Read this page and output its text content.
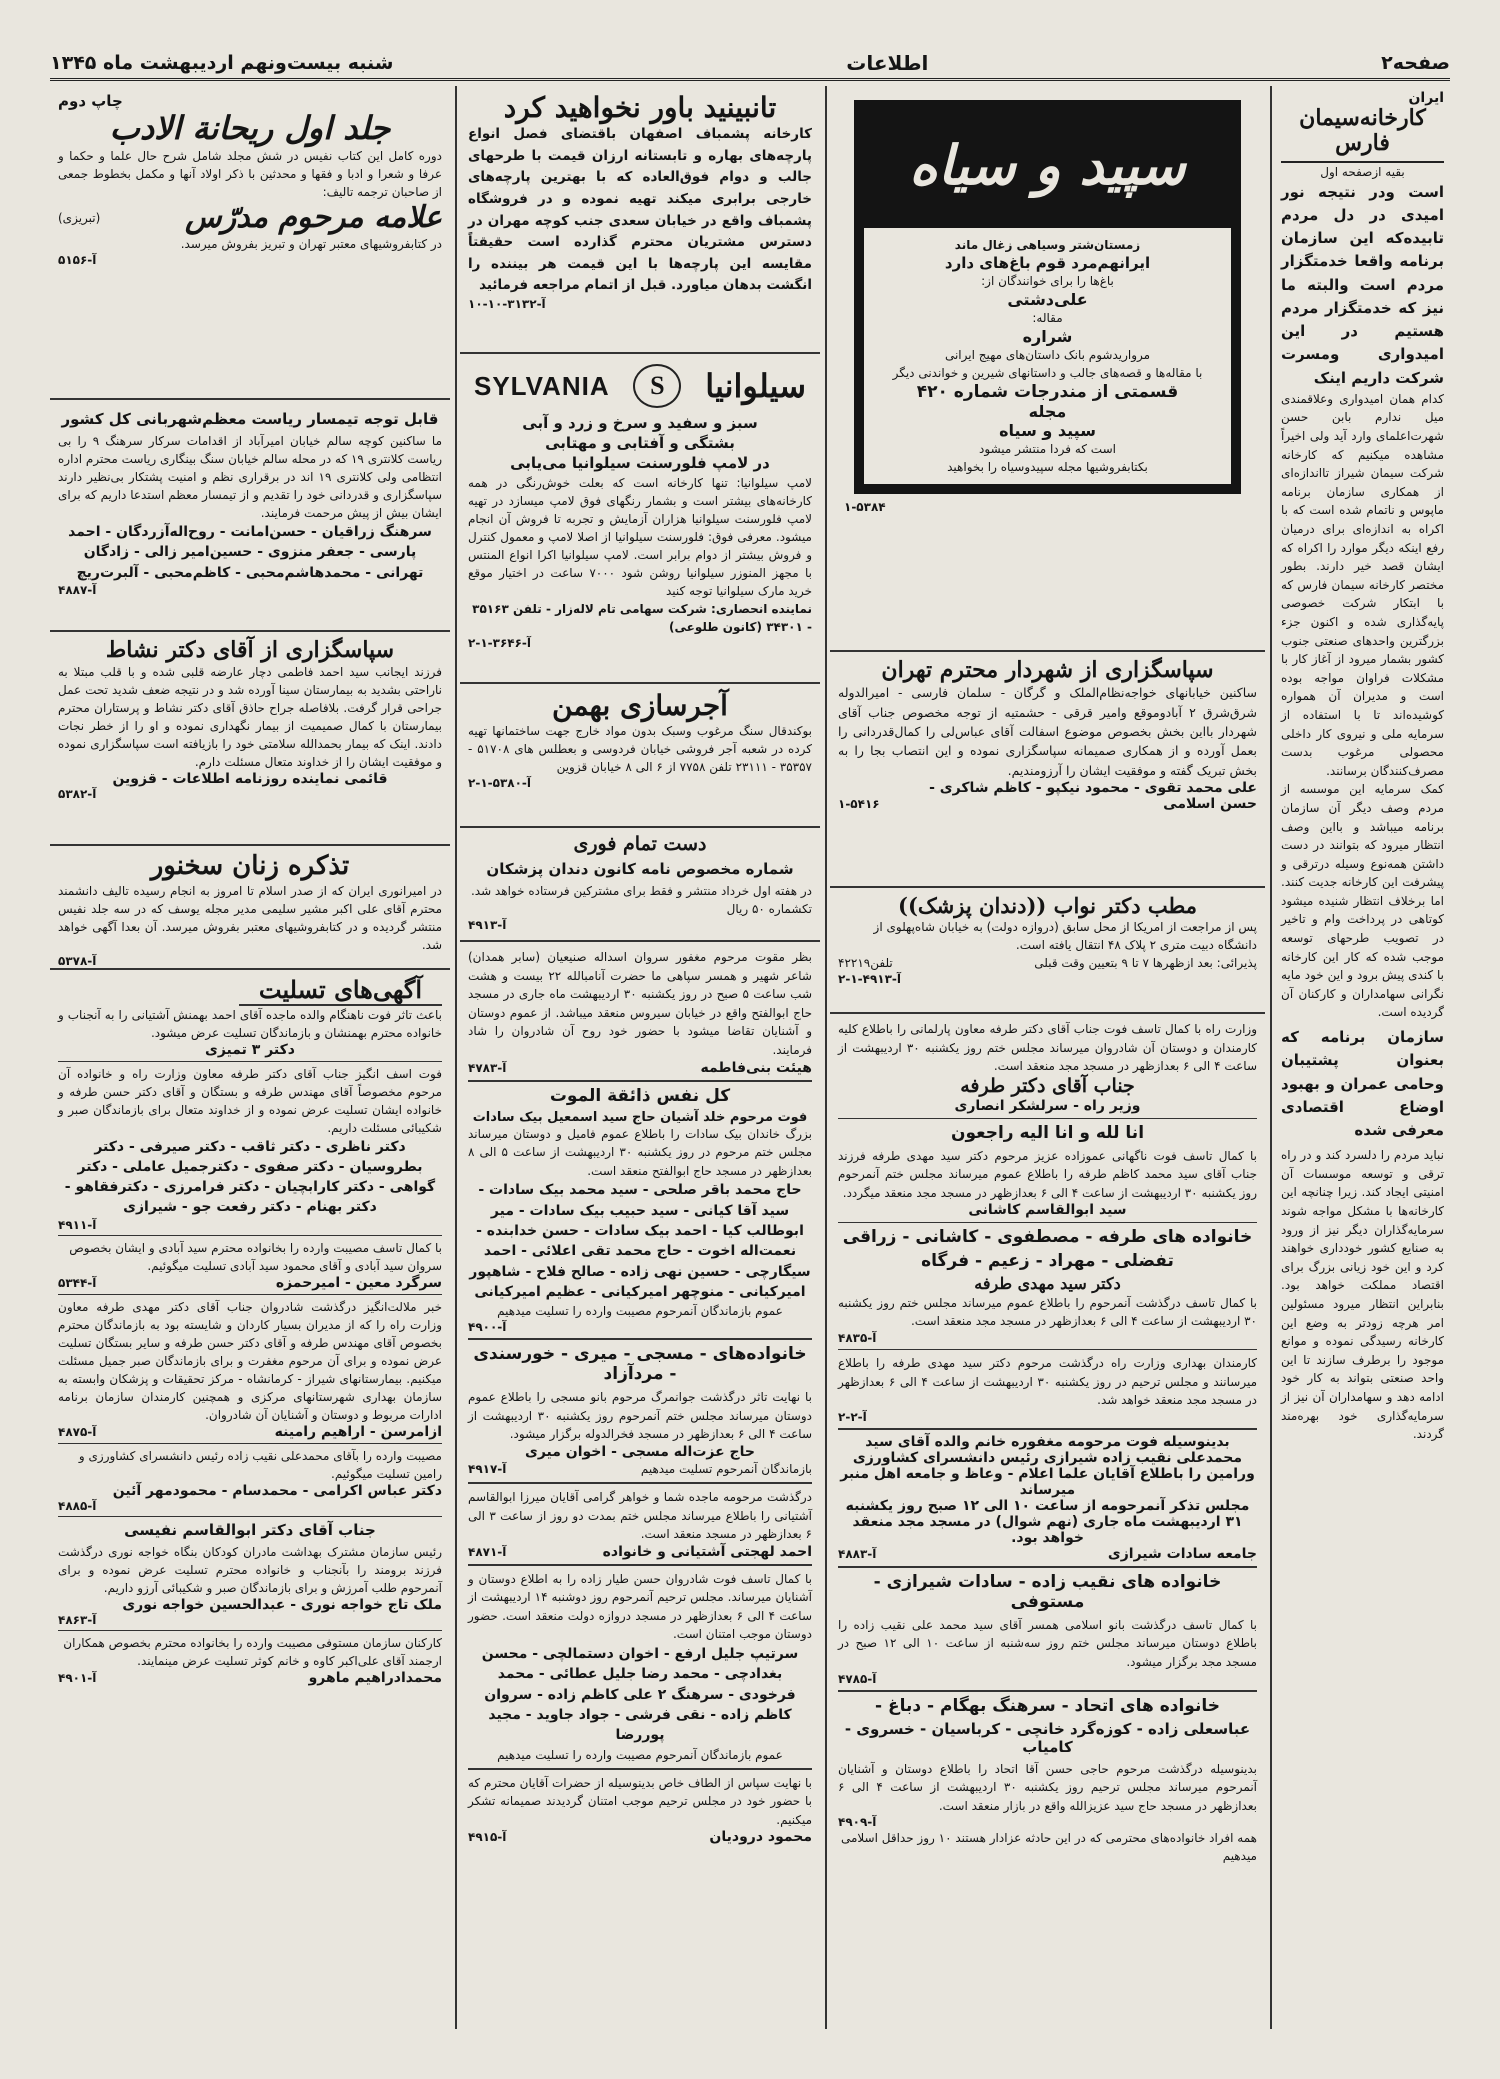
صفحه۲
اطلاعات
شنبه بیست‌و‌نهم اردیبهشت ماه ۱۳۴۵
ایران
کارخانه‌سیمان فارس
بقیه ازصفحه اول
است ودر نتیجه نور امیدی در دل مردم تابیده‌که این سازمان برنامه واقعا خدمتگزار مردم است والبته ما نیز که خدمتگزار مردم هستیم در این امیدواری ومسرت شرکت داریم اینک
کدام همان امیدواری وعلاقمندی میل ندارم بابن حسن شهرت‌اعلمای وارد آید ولی اخیراً مشاهده میکنیم که کارخانه شرکت سیمان شیراز تااندازه‌ای از همکاری سازمان برنامه ماپوس و ناتمام شده است که با اکراه به اندازه‌ای برای درمیان رفع اینکه دیگر موارد را اکراه که ایشان قصد خیر دارند. بطور مختصر کارخانه سیمان فارس که با ابتکار شرکت خصوصی پایه‌گذاری شده و اکنون جزء بزرگترین واحدهای صنعتی جنوب کشور بشمار میرود از آغاز کار با مشکلات فراوان مواجه بوده است و مدیران آن همواره کوشیده‌اند تا با استفاده از سرمایه ملی و نیروی کار داخلی محصولی مرغوب بدست مصرف‌کنندگان برسانند.
کمک سرمایه این موسسه از مردم وصف دیگر آن سازمان برنامه میباشد و بااین وصف انتظار میرود که بتوانند در دست داشتن همه‌نوع وسیله درترقی و پیشرفت این کارخانه جدیت کنند. اما برخلاف انتظار شنیده میشود کوتاهی در پرداخت وام و تاخیر در تصویب طرحهای توسعه موجب شده که کار این کارخانه با کندی پیش برود و این خود مایه نگرانی سهامداران و کارکنان آن گردیده است.
سازمان برنامه که بعنوان پشتیبان وحامی عمران و بهبود اوضاع اقتصادی معرفی شده
نباید مردم را دلسرد کند و در راه ترقی و توسعه موسسات آن امنیتی ایجاد کند. زیرا چنانچه این کارخانه‌ها با مشکل مواجه شوند سرمایه‌گذاران دیگر نیز از ورود به صنایع کشور خودداری خواهند کرد و این خود زیانی بزرگ برای اقتصاد مملکت خواهد بود. بنابراین انتظار میرود مسئولین امر هرچه زودتر به وضع این کارخانه رسیدگی نموده و موانع موجود را برطرف سازند تا این واحد صنعتی بتواند به کار خود ادامه دهد و سهامداران آن نیز از سرمایه‌گذاری خود بهره‌مند گردند.
سپید و سیاه
زمستان‌شتر وسیاهی زغال ماند
ایرانهم‌مرد قوم باغ‌های دارد
باغ‌ها را برای خوانندگان از:
علی‌دشتی
مقاله:
شراره
مرواریدشوم بانک داستان‌های مهیج ایرانی
با مقاله‌ها و قصه‌های جالب و داستانهای شیرین و خواندنی دیگر
قسمتی از مندرجات شماره ۴۲۰
مجله
سپید و سیاه
است که فردا منتشر میشود
بکتابفروشیها مجله سپیدوسیاه را بخواهید
۱-۵۳۸۴
سپاسگزاری از شهردار محترم تهران
ساکنین خیابانهای خواجه‌نظام‌الملک و گرگان - سلمان فارسی - امیرالدوله شرق‌شرق ۲ آبادوموقع وامیر قرقی - حشمتیه از توجه مخصوص جناب آقای شهردار بااین بخش بخصوص موضوع اسفالت آقای عباس‌لی را کمال‌قدردانی را بعمل آورده و از همکاری صمیمانه سپاسگزاری نموده و این انتصاب بجا را به بخش تبریک گفته و موفقیت ایشان را آرزومندیم.
علی محمد تقوی - محمود نیکپو - کاظم شاکری -
حسن اسلامی
۱-۵۴۱۶
مطب دکتر نواب ((دندان پزشک))
پس از مراجعت از امریکا از محل سابق (دروازه دولت) به خیابان شاه‌پهلوی از دانشگاه دبیت متری ۲ پلاک ۴۸ انتقال یافته است.
پذیرائی: بعد ازظهرها ۷ تا ۹ بتعیین وقت قبلی
تلفن۴۲۲۱۹
آ-۴۹۱۳-۱-۲
وزارت راه با کمال تاسف فوت جناب آقای دکتر طرفه معاون پارلمانی را باطلاع کلیه کارمندان و دوستان آن شادروان میرساند مجلس ختم روز یکشنبه ۳۰ اردیبهشت از ساعت ۴ الی ۶ بعدازظهر در مسجد مجد منعقد است.
جناب آقای دکتر طرفه
وزیر راه - سرلشکر انصاری
انا لله و انا الیه راجعون
با کمال تاسف فوت ناگهانی عموزاده عزیز مرحوم دکتر سید مهدی طرفه فرزند جناب آقای سید محمد کاظم طرفه را باطلاع عموم میرساند مجلس ختم آنمرحوم روز یکشنبه ۳۰ اردیبهشت از ساعت ۴ الی ۶ بعدازظهر در مسجد مجد منعقد میگردد.
سید ابوالقاسم کاشانی
خانواده های طرفه - مصطفوی - کاشانی - زراقی
تفضلی - مهراد - زعیم - فرگاه
دکتر سید مهدی طرفه
با کمال تاسف درگذشت آنمرحوم را باطلاع عموم میرساند مجلس ختم روز یکشنبه ۳۰ اردیبهشت از ساعت ۴ الی ۶ بعدازظهر در مسجد مجد منعقد است.
آ-۴۸۳۵
کارمندان بهداری وزارت راه درگذشت مرحوم دکتر سید مهدی طرفه را باطلاع میرسانند و مجلس ترحیم در روز یکشنبه ۳۰ اردیبهشت از ساعت ۴ الی ۶ بعدازظهر در مسجد مجد منعقد خواهد شد.
آ-۲-۲
بدینوسیله فوت مرحومه مغفوره خانم والده آقای سید محمدعلی نقیب زاده شیرازی رئیس دانشسرای کشاورزی ورامین را باطلاع آقایان علما اعلام - وعاظ و جامعه اهل منبر میرساند
مجلس تذکر آنمرحومه از ساعت ۱۰ الی ۱۲ صبح روز یکشنبه ۳۱ اردیبهشت ماه جاری (نهم شوال) در مسجد مجد منعقد خواهد بود.
جامعه سادات شیرازی
آ-۴۸۸۳
خانواده های نقیب زاده - سادات شیرازی - مستوفی
با کمال تاسف درگذشت بانو اسلامی همسر آقای سید محمد علی نقیب زاده را باطلاع دوستان میرساند مجلس ختم روز سه‌شنبه از ساعت ۱۰ الی ۱۲ صبح در مسجد مجد برگزار میشود.
آ-۴۷۸۵
خانواده های اتحاد - سرهنگ بهگام - دباغ -
عباسعلی زاده - کوزه‌گرد خانچی - کرباسیان - خسروی - کامیاب
بدینوسیله درگذشت مرحوم حاجی حسن آقا اتحاد را باطلاع دوستان و آشنایان آنمرحوم میرساند مجلس ترحیم روز یکشنبه ۳۰ اردیبهشت از ساعت ۴ الی ۶ بعدازظهر در مسجد حاج سید عزیزالله واقع در بازار منعقد است.
آ-۴۹۰۹
همه افراد خانواده‌های محترمی که در این حادثه عزادار هستند ۱۰ روز حداقل اسلامی میدهیم
تانبینید باور نخواهید کرد
کارخانه پشمباف اصفهان باقتضای فصل انواع پارچه‌های بهاره و تابستانه ارزان قیمت با طرحهای جالب و دوام فوق‌العاده که با بهترین پارچه‌های خارجی برابری میکند تهیه نموده و در فروشگاه پشمباف واقع در خیابان سعدی جنب کوچه مهران در دسترس مشتریان محترم گذارده است حقیقتاً مقایسه این پارچه‌ها با این قیمت هر بیننده را انگشت بدهان میاورد. قبل از اتمام مراجعه فرمائید
آ-۳۱۳۲-۱۰-۱۰
سیلوانیا
S
SYLVANIA
سبز و سفید و سرخ و زرد و آبی
بشتگی و آفتابی و مهتابی
در لامپ فلورسنت سیلوانیا می‌یابی
لامپ سیلوانیا: تنها کارخانه است که بعلت خوش‌رنگی در همه کارخانه‌های بیشتر است و بشمار رنگهای فوق لامپ میسازد در تهیه لامپ فلورسنت سیلوانیا هزاران آزمایش و تجربه تا فروش آن انجام میشود. معرفی فوق: فلورسنت سیلوانیا از اصلا لامپ و معمول کنترل و فروش بیشتر از دوام برابر است. لامپ سیلوانیا اکرا انواع المنتس با مجهز المنوزر سیلوانیا روشن شود ۷۰۰۰ ساعت در اختیار موقع خرید مارک سیلوانیا توجه کنید
نماینده انحصاری: شرکت سهامی تام لاله‌زار - تلفن ۳۵۱۶۳ - ۳۴۳۰۱ (کانون طلوعی)
آ-۳۶۴۶-۱-۲
آجرسازی بهمن
بوکندقال سنگ مرغوب وسبک بدون مواد خارج جهت ساختمانها تهیه کرده در شعبه آجر فروشی خیابان فردوسی و بعطلس های ۵۱۷۰۸ - ۳۵۳۵۷ - ۲۳۱۱۱ تلفن ۷۷۵۸ از ۶ الی ۸ خیابان قزوین
آ-۵۳۸۰-۱-۲
دست تمام فوری
شماره مخصوص نامه کانون دندان پزشکان
در هفته اول خرداد منتشر و فقط برای مشترکین فرستاده خواهد شد. تکشماره ۵۰ ریال
آ-۴۹۱۳
بظر مقوت مرحوم مغفور سروان اسداله صنیعیان (سابر همدان) شاعر شهیر و همسر سپاهی ما حضرت آنامبالله ۲۲ بیست و هشت شب ساعت ۵ صبح در روز یکشنبه ۳۰ اردیبهشت ماه جاری در مسجد حاج ابوالفتح واقع در خیابان سیروس منعقد میباشد. از عموم دوستان و آشنایان تقاضا میشود با حضور خود روح آن شادروان را شاد فرمایند.
هیئت بنی‌فاطمه
آ-۴۷۸۳
کل نفس ذائقة الموت
فوت مرحوم خلد آشیان حاج سید اسمعیل بیک سادات
بزرگ خاندان بیک سادات را باطلاع عموم فامیل و دوستان میرساند مجلس ختم مرحوم در روز یکشنبه ۳۰ اردیبهشت از ساعت ۵ الی ۸ بعدازظهر در مسجد حاج ابوالفتح منعقد است.
حاج محمد باقر صلحی - سید محمد بیک سادات - سید آقا کیانی - سید حبیب بیک سادات - میر ابوطالب کیا - احمد بیک سادات - حسن خدابنده - نعمت‌اله اخوت - حاج محمد تقی اعلائی - احمد سیگارچی - حسین نهی زاده - صالح فلاح - شاهپور امیرکیانی - منوچهر امیرکیانی - عظیم امیرکیانی
عموم بازماندگان آنمرحوم مصیبت وارده را تسلیت میدهیم
آ-۴۹۰۰
خانواده‌های - مسجی - میری - خورسندی - مردآزاد
با نهایت تاثر درگذشت جوانمرگ مرحوم بانو مسجی را باطلاع عموم دوستان میرساند مجلس ختم آنمرحوم روز یکشنبه ۳۰ اردیبهشت از ساعت ۴ الی ۶ بعدازظهر در مسجد فخرالدوله برگزار میشود.
حاج عزت‌اله مسجی - اخوان میری
بازماندگان آنمرحوم تسلیت میدهیم
آ-۴۹۱۷
درگذشت مرحومه ماجده شما و خواهر گرامی آقایان میرزا ابوالقاسم آشتیانی را باطلاع میرساند مجلس ختم بمدت دو روز از ساعت ۳ الی ۶ بعدازظهر در مسجد منعقد است.
احمد لهجتی آشتیانی و خانواده
آ-۴۸۷۱
با کمال تاسف فوت شادروان حسن طیار زاده را به اطلاع دوستان و آشنایان میرساند. مجلس ترحیم آنمرحوم روز دوشنبه ۱۴ اردیبهشت از ساعت ۴ الی ۶ بعدازظهر در مسجد دروازه دولت منعقد است. حضور دوستان موجب امتنان است.
سرتیپ جلیل ارفع - اخوان دستمالچی - محسن بغدادچی - محمد رضا جلیل عطائی - محمد فرخودی - سرهنگ ۲ علی کاظم زاده - سروان کاظم زاده - نقی فرشی - جواد جاوید - مجید پوررضا
عموم بازماندگان آنمرحوم مصیبت وارده را تسلیت میدهیم
با نهایت سپاس از الطاف خاص بدینوسیله از حضرات آقایان محترم که با حضور خود در مجلس ترحیم موجب امتنان گردیدند صمیمانه تشکر میکنیم.
محمود درودیان
آ-۴۹۱۵
چاپ دوم
جلد اول ریحانة الادب
دوره کامل این کتاب نفیس در شش مجلد شامل شرح حال علما و حکما و عرفا و شعرا و ادبا و فقها و محدثین با ذکر اولاد آنها و مکمل بخطوط جمعی از صاحبان ترجمه تالیف:
علامه مرحوم مدرّس
(تبریزی)
در کتابفروشیهای معتبر تهران و تبریز بفروش میرسد.
آ-۵۱۵۶
قابل توجه تیمسار ریاست معظم‌شهربانی کل کشور
ما ساکنین کوچه سالم خیابان امیرآباد از اقدامات سرکار سرهنگ ۹ را بی ریاست کلانتری ۱۹ که در محله سالم خیابان سنگ بینگاری ریاست محترم اداره انتظامی ولی کلانتری ۱۹ اند در برقراری نظم و امنیت پشتکار بی‌نظیر دارند سپاسگزاری و قدردانی خود را تقدیم و از تیمسار معظم استدعا داریم که برای ایشان بیش از پیش مرحمت فرمایند.
سرهنگ زراقیان - حسن‌امانت - روح‌اله‌آزردگان - احمد پارسی - جعفر منزوی - حسین‌امیر زالی - زادگان تهرانی - محمدهاشم‌محبی - کاظم‌محبی - آلبرت‌ریچ
آ-۴۸۸۷
سپاسگزاری از آقای دکتر نشاط
فرزند ایجانب سید احمد فاطمی دچار عارضه قلبی شده و با قلب مبتلا به ناراحتی بشدید به بیمارستان سینا آورده شد و در نتیجه ضعف شدید تحت عمل جراحی قرار گرفت. بلافاصله جراح حاذق آقای دکتر نشاط و پرستاران محترم بیمارستان با کمال صمیمیت از بیمار نگهداری نموده و او را از خطر نجات دادند. اینک که بیمار بحمدالله سلامتی خود را بازیافته است سپاسگزاری نموده و موفقیت ایشان را از خداوند متعال مسئلت دارم.
قائمی نماینده روزنامه اطلاعات - قزوین
آ-۵۳۸۲
تذکره زنان سخنور
در امیرانوری ایران که از صدر اسلام تا امروز به انجام رسیده تالیف دانشمند محترم آقای علی اکبر مشیر سلیمی مدیر مجله یوسف که در سه جلد نفیس منتشر گردیده و در کتابفروشیهای معتبر بفروش میرسد. آن بعدا آگهی خواهد شد.
آ-۵۳۷۸
آگهی‌های تسلیت
باعث تاثر فوت ناهنگام والده ماجده آقای احمد بهمنش آشتیانی را به آنجناب و خانواده محترم بهمنشان و بازماندگان تسلیت عرض میشود.
دکتر ۳ تمیزی
فوت اسف انگیز جناب آقای دکتر طرفه معاون وزارت راه و خانواده آن مرحوم مخصوصاً آقای مهندس طرفه و بستگان و آقای دکتر حسن طرفه و خانواده ایشان تسلیت عرض نموده و از خداوند متعال برای بازماندگان صبر و شکیبائی مسئلت داریم.
دکتر ناظری - دکتر ثاقب - دکتر صیرفی - دکتر بطروسیان - دکتر صفوی - دکترجمیل عاملی - دکتر گواهی - دکتر کارابچیان - دکتر فرامرزی - دکترفقاهو - دکتر بهنام - دکتر رفعت جو - شیرازی
آ-۴۹۱۱
با کمال تاسف مصیبت وارده را بخانواده محترم سید آبادی و ایشان بخصوص سروان سید آبادی و آقای محمود سید آبادی تسلیت میگوئیم.
سرگرد معین - امیرحمزه
آ-۵۳۴۴
خبر ملالت‌انگیز درگذشت شادروان جناب آقای دکتر مهدی طرفه معاون وزارت راه را که از مدیران بسیار کاردان و شایسته بود به بازماندگان محترم بخصوص آقای مهندس طرفه و آقای دکتر حسن طرفه و سایر بستگان تسلیت عرض نموده و برای آن مرحوم مغفرت و برای بازماندگان صبر جمیل مسئلت میکنیم. بیمارستانهای شیراز - کرمانشاه - مرکز تحقیقات و پزشکان وابسته به سازمان بهداری شهرستانهای مرکزی و همچنین کارمندان سازمان برنامه ادارات مربوط و دوستان و آشنایان آن شادروان.
ازامرسن - اراهیم رامینه
آ-۴۸۷۵
مصیبت وارده را بآقای محمدعلی نقیب زاده رئیس دانشسرای کشاورزی و رامین تسلیت میگوئیم.
دکتر عباس اکرامی - محمدسام - محمودمهر آئین
آ-۴۸۸۵
جناب آقای دکتر ابوالقاسم نفیسی
رئیس سازمان مشترک بهداشت مادران کودکان بنگاه خواجه نوری درگذشت فرزند برومند را بآنجناب و خانواده محترم تسلیت عرض نموده و برای آنمرحوم طلب آمرزش و برای بازماندگان صبر و شکیبائی آرزو داریم.
ملک تاج خواجه نوری - عبدالحسین خواجه نوری
آ-۴۸۶۳
کارکنان سازمان مستوفی مصیبت وارده را بخانواده محترم بخصوص همکاران ارجمند آقای علی‌اکبر کاوه و خانم کوثر تسلیت عرض مینمایند.
محمدادراهیم ماهرو
آ-۴۹۰۱
